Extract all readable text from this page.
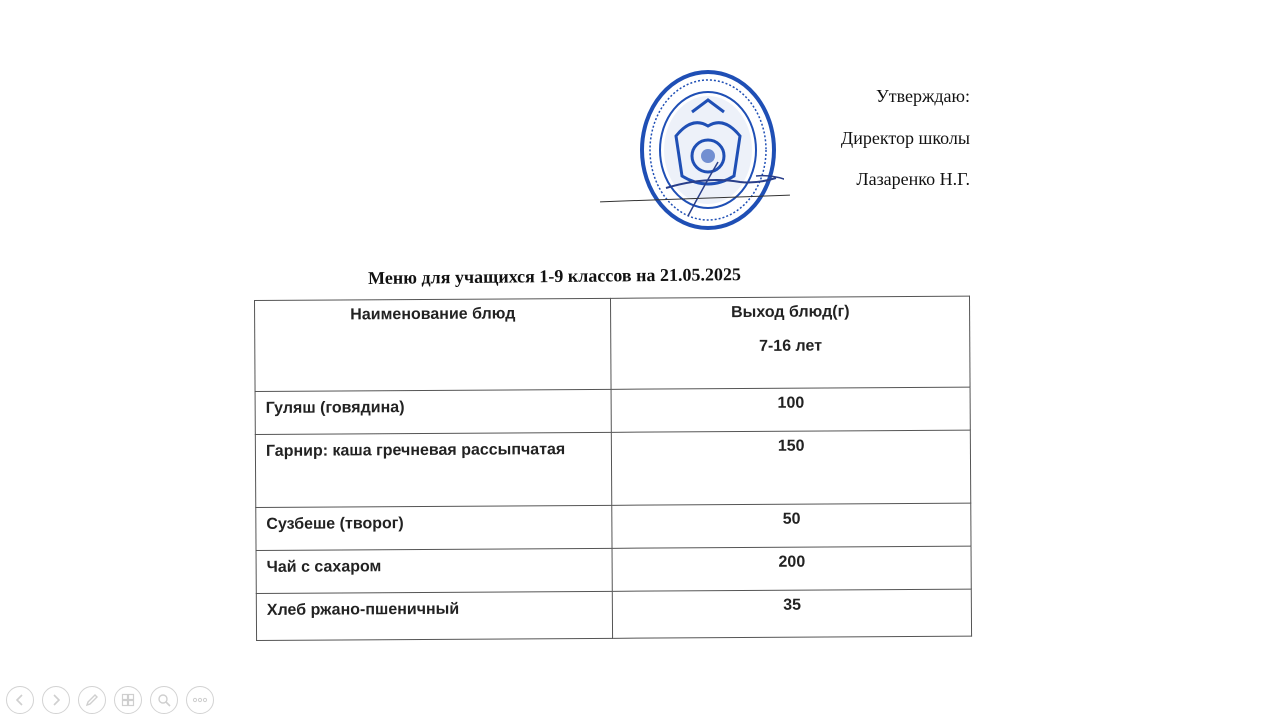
Утверждаю:
Директор школы
Лазаренко Н.Г.
Меню для учащихся 1-9 классов на 21.05.2025
Наименование блюд	Выход блюд(г)
7-16 лет

Гуляш (говядина)	100
Гарнир: каша гречневая рассыпчатая	150
Сузбеше (творог)	50
Чай с сахаром	200
Хлеб ржано-пшеничный	35
